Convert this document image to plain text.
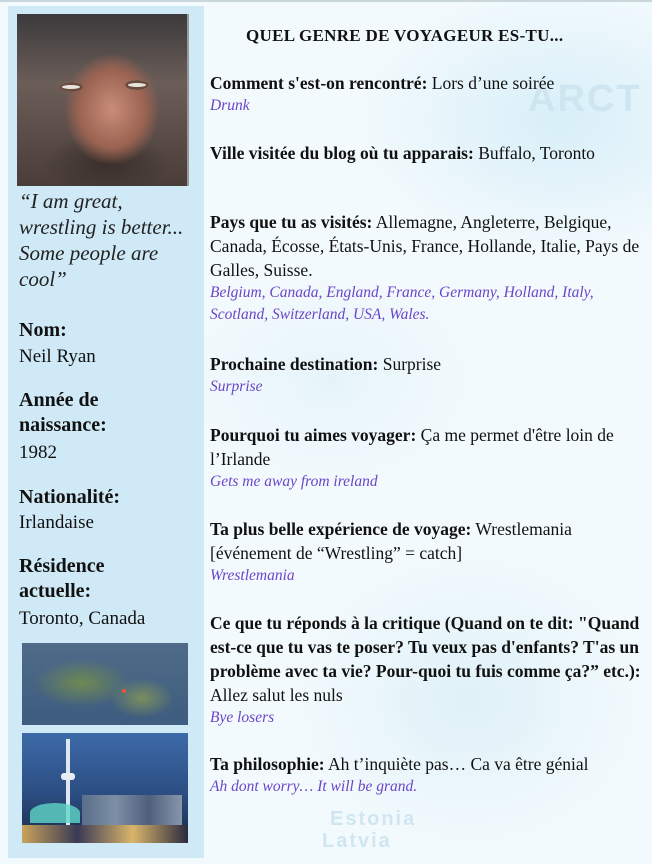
ARCT
Estonia
Latvia
“I am great, wrestling is better... Some people are cool”
Nom:
Neil Ryan
Année de naissance:
1982
Nationalité:
Irlandaise
Résidence actuelle:
Toronto, Canada
QUEL GENRE DE VOYAGEUR ES-TU...
Comment s'est-on rencontré: Lors d’une soirée
Drunk
Ville visitée du blog où tu apparais: Buffalo, Toronto
Pays que tu as visités: Allemagne, Angleterre, Belgique, Canada, Écosse, États-Unis, France, Hollande, Italie, Pays de Galles, Suisse.
Belgium, Canada, England, France, Germany, Holland, Italy, Scotland, Switzerland, USA, Wales.
Prochaine destination: Surprise
Surprise
Pourquoi tu aimes voyager: Ça me permet d'être loin de l’Irlande
Gets me away from ireland
Ta plus belle expérience de voyage: Wrestlemania [événement de “Wrestling” = catch]
Wrestlemania
Ce que tu réponds à la critique (Quand on te dit: "Quand est-ce que tu vas te poser? Tu veux pas d'enfants? T'as un problème avec ta vie? Pour-quoi tu fuis comme ça?” etc.): Allez salut les nuls
Bye losers
Ta philosophie: Ah t’inquiète pas… Ca va être génial
Ah dont worry… It will be grand.
